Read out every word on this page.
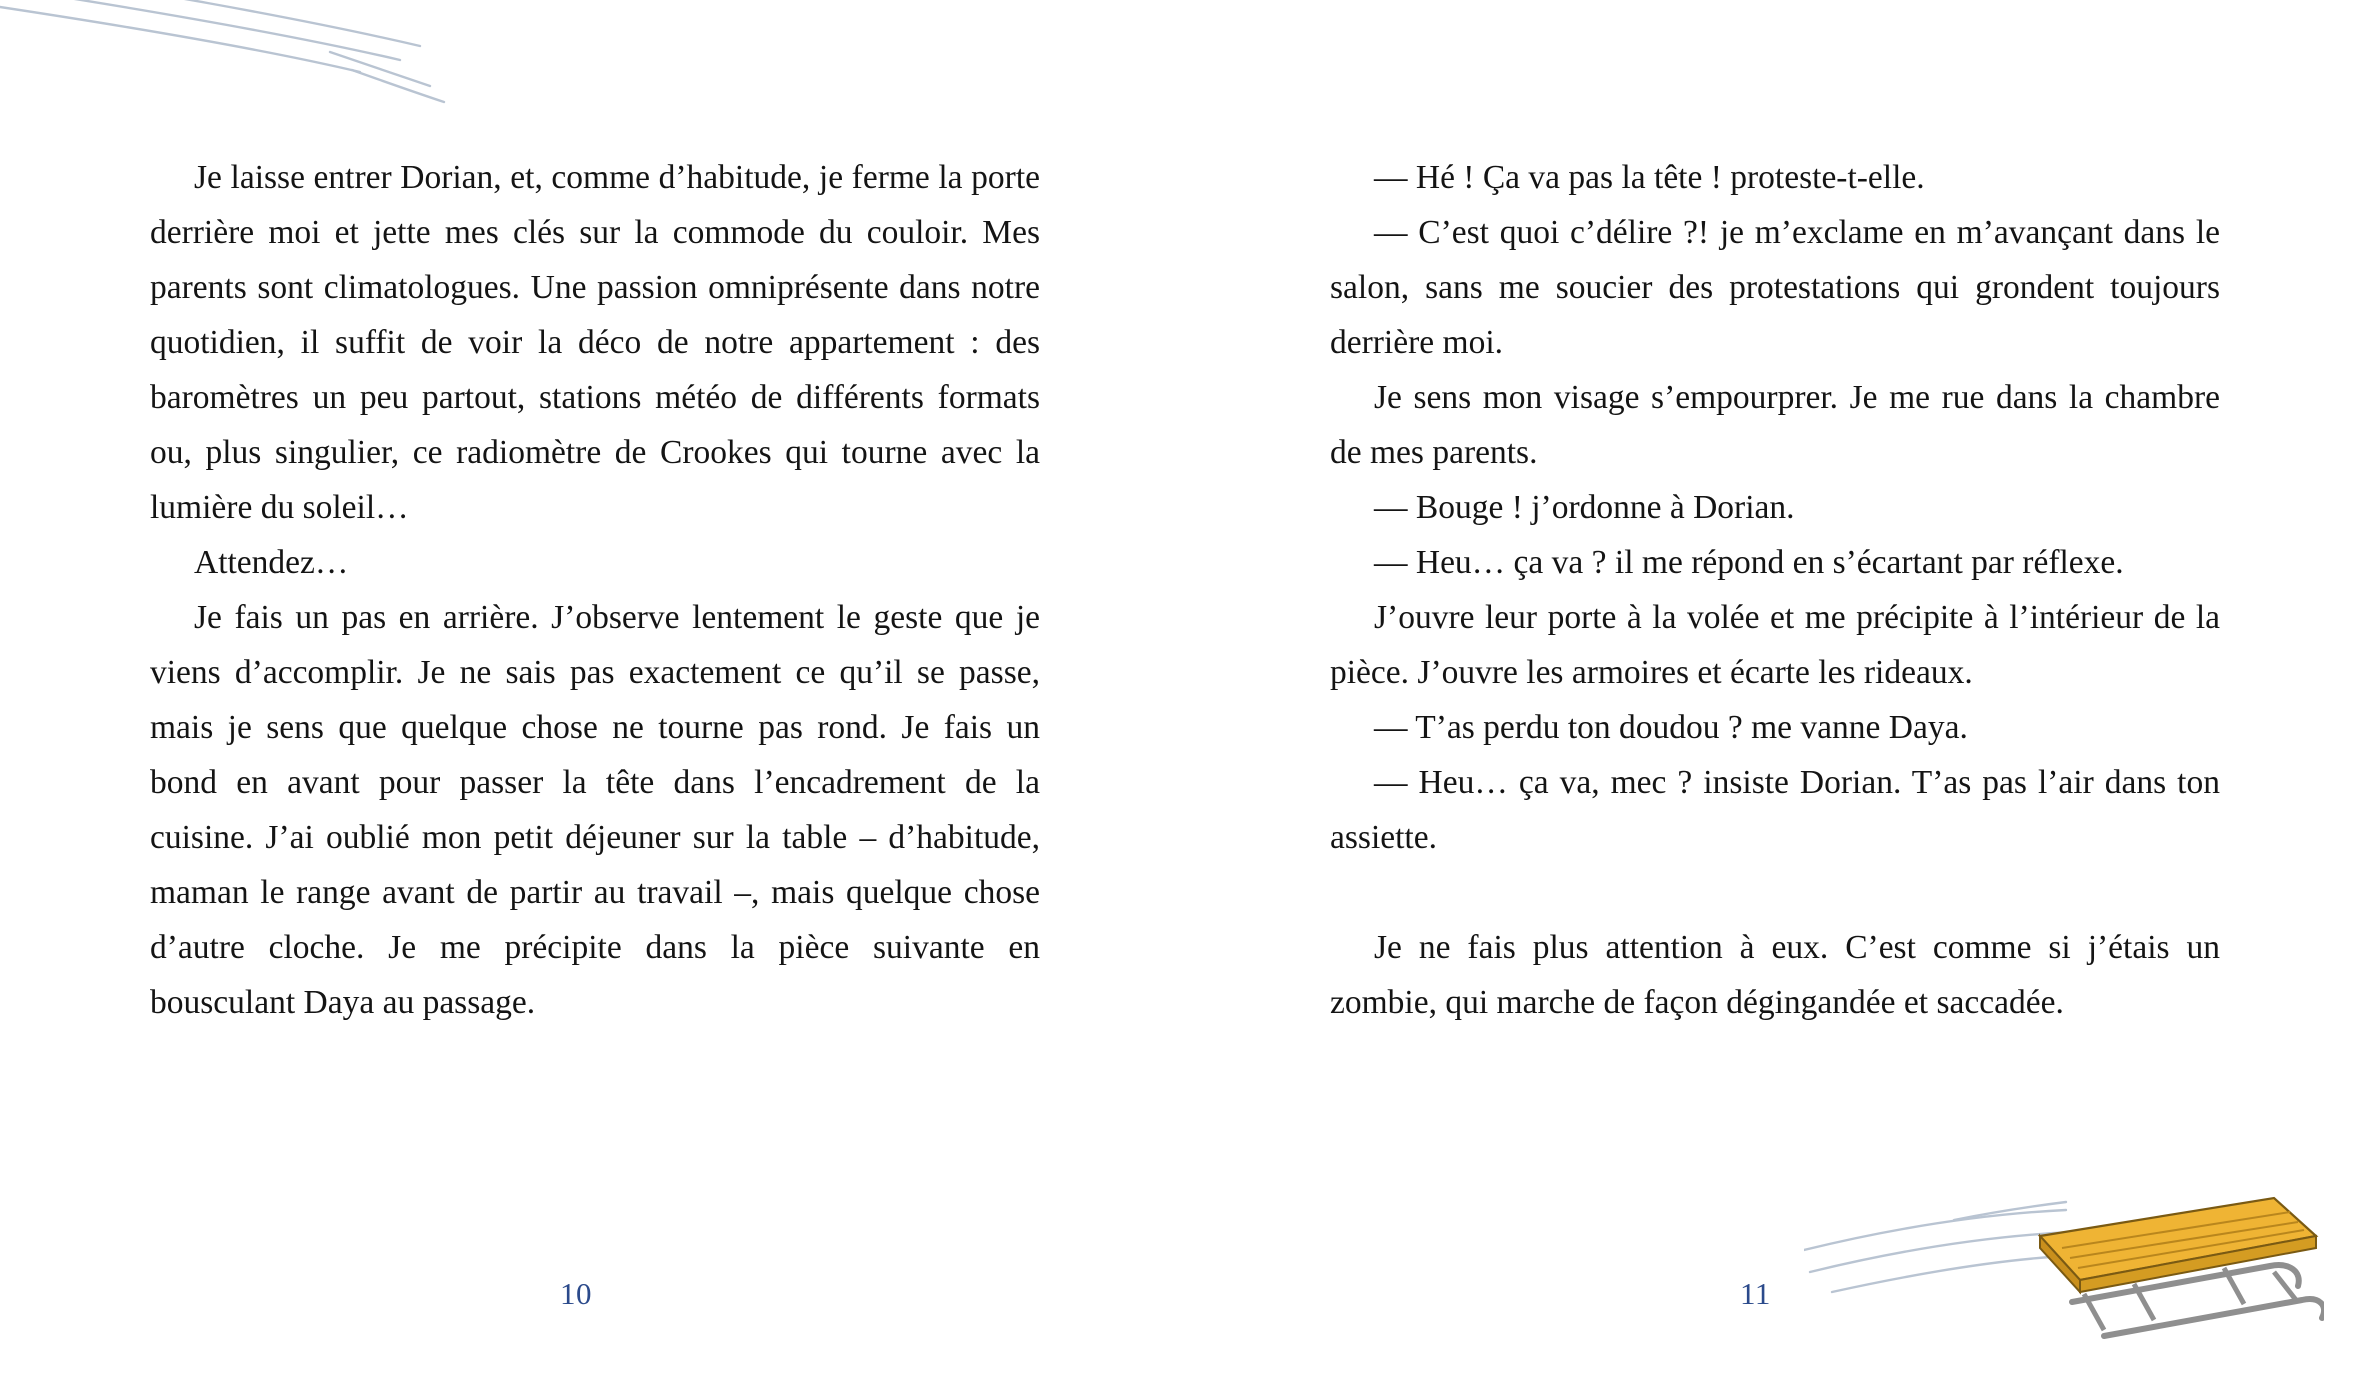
Je laisse entrer Dorian, et, comme d’habitude, je ferme la porte derrière moi et jette mes clés sur la commode du couloir. Mes parents sont climatologues. Une passion omniprésente dans notre quotidien, il suffit de voir la déco de notre appartement : des baromètres un peu partout, stations météo de différents formats ou, plus singulier, ce radiomètre de Crookes qui tourne avec la lumière du soleil…

Attendez…

Je fais un pas en arrière. J’observe lentement le geste que je viens d’accomplir. Je ne sais pas exactement ce qu’il se passe, mais je sens que quelque chose ne tourne pas rond. Je fais un bond en avant pour passer la tête dans l’encadrement de la cuisine. J’ai oublié mon petit déjeuner sur la table – d’habitude, maman le range avant de partir au travail –, mais quelque chose d’autre cloche. Je me précipite dans la pièce suivante en bousculant Daya au passage.

— Hé ! Ça va pas la tête ! proteste-t-elle.

— C’est quoi c’délire ?! je m’exclame en m’avançant dans le salon, sans me soucier des protestations qui grondent toujours derrière moi.

Je sens mon visage s’empourprer. Je me rue dans la chambre de mes parents.

— Bouge ! j’ordonne à Dorian.

— Heu… ça va ? il me répond en s’écartant par réflexe.

J’ouvre leur porte à la volée et me précipite à l’intérieur de la pièce. J’ouvre les armoires et écarte les rideaux.

— T’as perdu ton doudou ? me vanne Daya.

— Heu… ça va, mec ? insiste Dorian. T’as pas l’air dans ton assiette.

Je ne fais plus attention à eux. C’est comme si j’étais un zombie, qui marche de façon dégingandée et saccadée.

10	11
